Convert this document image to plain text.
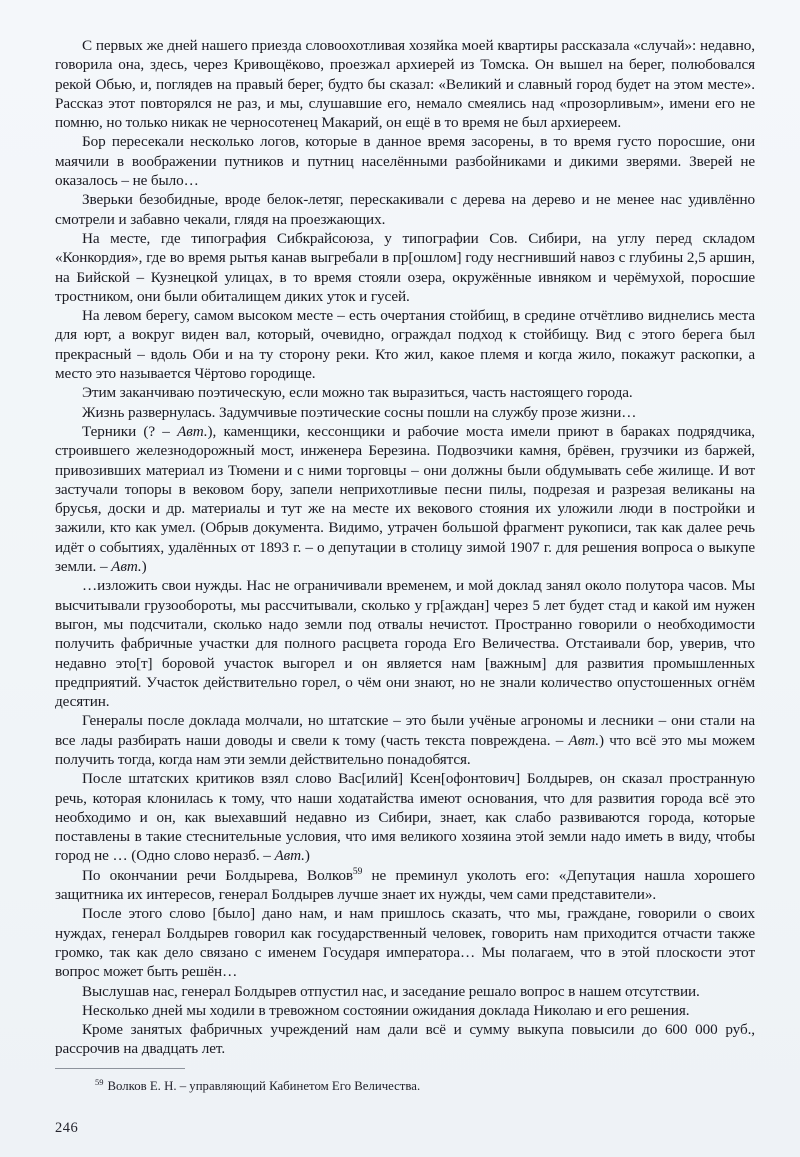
С первых же дней нашего приезда словоохотливая хозяйка моей квартиры рассказала «случай»: недавно, говорила она, здесь, через Кривощёково, проезжал архиерей из Томска. Он вышел на берег, полюбовался рекой Обью, и, поглядев на правый берег, будто бы сказал: «Великий и славный город будет на этом месте». Рассказ этот повторялся не раз, и мы, слушавшие его, немало смеялись над «прозорливым», имени его не помню, но только никак не черносотенец Макарий, он ещё в то время не был архиереем.

Бор пересекали несколько логов, которые в данное время засорены, в то время густо поросшие, они маячили в воображении путников и путниц населёнными разбойниками и дикими зверями. Зверей не оказалось – не было…

Зверьки безобидные, вроде белок-летяг, перескакивали с дерева на дерево и не менее нас удивлённо смотрели и забавно чекали, глядя на проезжающих.

На месте, где типография Сибкрайсоюза, у типографии Сов. Сибири, на углу перед складом «Конкордия», где во время рытья канав выгребали в пр[ошлом] году несгнивший навоз с глубины 2,5 аршин, на Бийской – Кузнецкой улицах, в то время стояли озера, окружённые ивняком и черёмухой, поросшие тростником, они были обиталищем диких уток и гусей.

На левом берегу, самом высоком месте – есть очертания стойбищ, в средине отчётливо виднелись места для юрт, а вокруг виден вал, который, очевидно, ограждал подход к стойбищу. Вид с этого берега был прекрасный – вдоль Оби и на ту сторону реки. Кто жил, какое племя и когда жило, покажут раскопки, а место это называется Чёртово городище.

Этим заканчиваю поэтическую, если можно так выразиться, часть настоящего города.

Жизнь развернулась. Задумчивые поэтические сосны пошли на службу прозе жизни…

Терники (? – Авт.), каменщики, кессонщики и рабочие моста имели приют в бараках подрядчика, строившего железнодорожный мост, инженера Березина. Подвозчики камня, брёвен, грузчики из баржей, привозивших материал из Тюмени и с ними торговцы – они должны были обдумывать себе жилище. И вот застучали топоры в вековом бору, запели неприхотливые песни пилы, подрезая и разрезая великаны на брусья, доски и др. материалы и тут же на месте их векового стояния их уложили люди в постройки и зажили, кто как умел. (Обрыв документа. Видимо, утрачен большой фрагмент рукописи, так как далее речь идёт о событиях, удалённых от 1893 г. – о депутации в столицу зимой 1907 г. для решения вопроса о выкупе земли. – Авт.)

…изложить свои нужды. Нас не ограничивали временем, и мой доклад занял около полутора часов. Мы высчитывали грузообороты, мы рассчитывали, сколько у гр[аждан] через 5 лет будет стад и какой им нужен выгон, мы подсчитали, сколько надо земли под отвалы нечистот. Пространно говорили о необходимости получить фабричные участки для полного расцвета города Его Величества. Отстаивали бор, уверив, что недавно это[т] боровой участок выгорел и он является нам [важным] для развития промышленных предприятий. Участок действительно горел, о чём они знают, но не знали количество опустошенных огнём десятин.

Генералы после доклада молчали, но штатские – это были учёные агрономы и лесники – они стали на все лады разбирать наши доводы и свели к тому (часть текста повреждена. – Авт.) что всё это мы можем получить тогда, когда нам эти земли действительно понадобятся.

После штатских критиков взял слово Вас[илий] Ксен[офонтович] Болдырев, он сказал пространную речь, которая клонилась к тому, что наши ходатайства имеют основания, что для развития города всё это необходимо и он, как выехавший недавно из Сибири, знает, как слабо развиваются города, которые поставлены в такие стеснительные условия, что имя великого хозяина этой земли надо иметь в виду, чтобы город не … (Одно слово неразб. – Авт.)

По окончании речи Болдырева, Волков$^{59}$ не преминул уколоть его: «Депутация нашла хорошего защитника их интересов, генерал Болдырев лучше знает их нужды, чем сами представители».

После этого слово [было] дано нам, и нам пришлось сказать, что мы, граждане, говорили о своих нуждах, генерал Болдырев говорил как государственный человек, говорить нам приходится отчасти также громко, так как дело связано с именем Государя императора… Мы полагаем, что в этой плоскости этот вопрос может быть решён…

Выслушав нас, генерал Болдырев отпустил нас, и заседание решало вопрос в нашем отсутствии.

Несколько дней мы ходили в тревожном состоянии ожидания доклада Николаю и его решения.

Кроме занятых фабричных учреждений нам дали всё и сумму выкупа повысили до 600 000 руб., рассрочив на двадцать лет.

$^{59}$ Волков Е. Н. – управляющий Кабинетом Его Величества.
246
